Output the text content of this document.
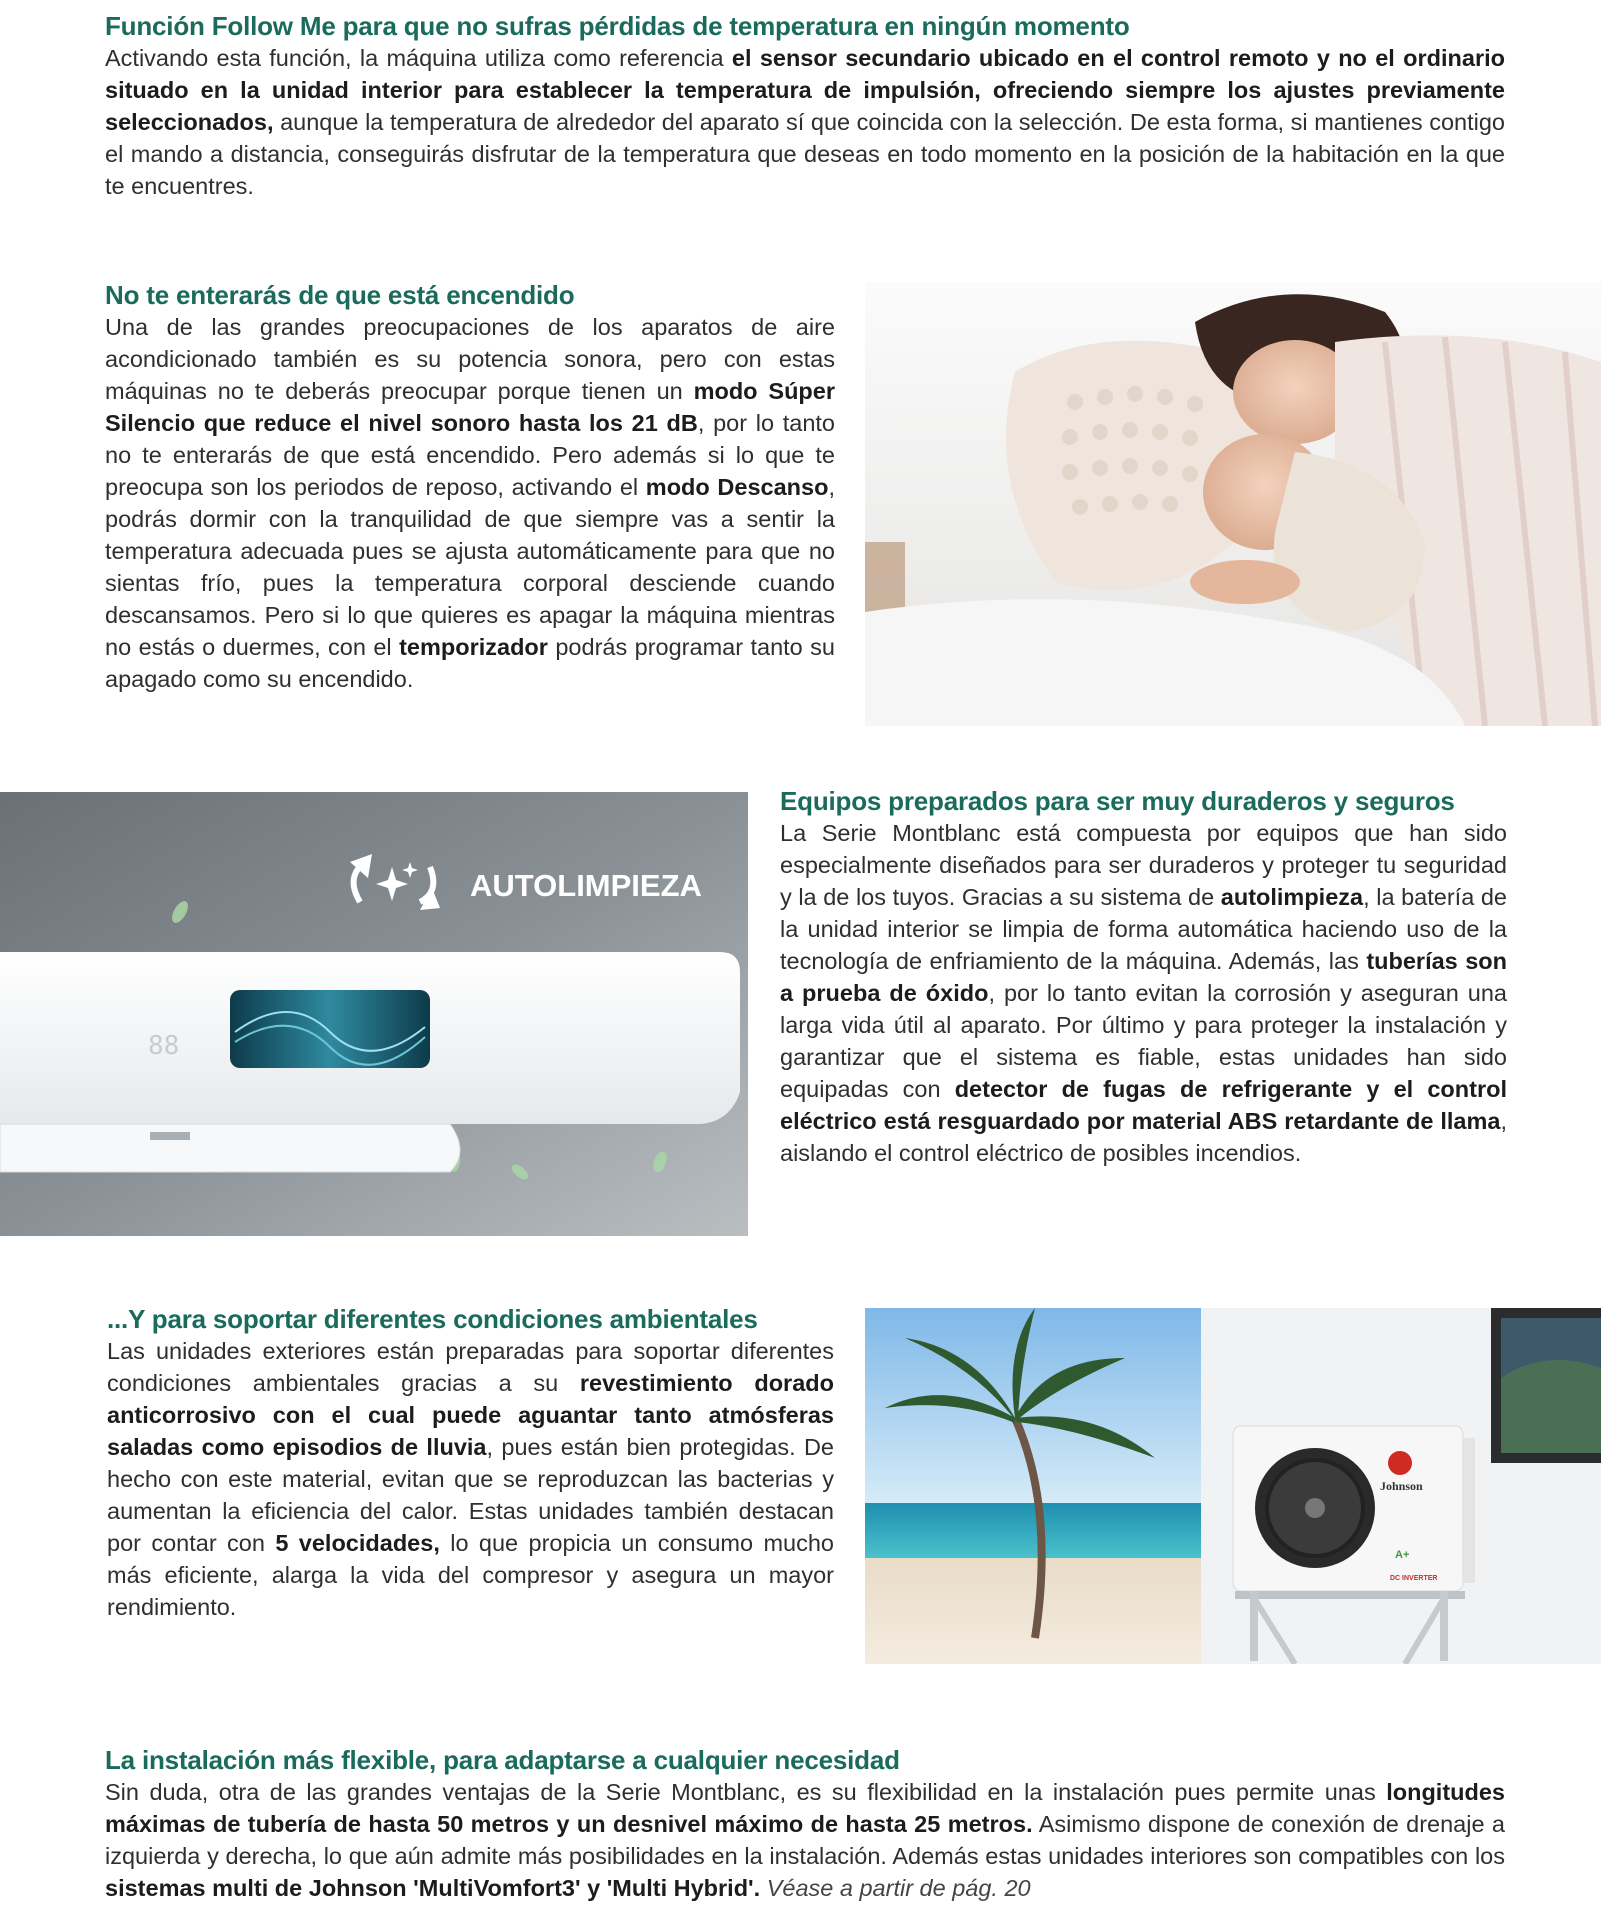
Función Follow Me para que no sufras pérdidas de temperatura en ningún momento

Activando esta función, la máquina utiliza como referencia el sensor secundario ubicado en el control remoto y no el ordinario situado en la unidad interior para establecer la temperatura de impulsión, ofreciendo siempre los ajustes previamente seleccionados, aunque la temperatura de alrededor del aparato sí que coincida con la selección. De esta forma, si mantienes contigo el mando a distancia, conseguirás disfrutar de la temperatura que deseas en todo momento en la posición de la habitación en la que te encuentres.

No te enterarás de que está encendido

Una de las grandes preocupaciones de los aparatos de aire acondicionado también es su potencia sonora, pero con estas máquinas no te deberás preocupar porque tienen un modo Súper Silencio que reduce el nivel sonoro hasta los 21 dB, por lo tanto no te enterarás de que está encendido. Pero además si lo que te preocupa son los periodos de reposo, activando el modo Descanso, podrás dormir con la tranquilidad de que siempre vas a sentir la temperatura adecuada pues se ajusta automáticamente para que no sientas frío, pues la temperatura corporal desciende cuando descansamos. Pero si lo que quieres es apagar la máquina mientras no estás o duermes, con el temporizador podrás programar tanto su apagado como su encendido.

AUTOLIMPIEZA
88
Equipos preparados para ser muy duraderos y seguros

La Serie Montblanc está compuesta por equipos que han sido especialmente diseñados para ser duraderos y proteger tu seguridad y la de los tuyos. Gracias a su sistema de autolimpieza, la batería de la unidad interior se limpia de forma automática haciendo uso de la tecnología de enfriamiento de la máquina. Además, las tuberías son a prueba de óxido, por lo tanto evitan la corrosión y aseguran una larga vida útil al aparato. Por último y para proteger la instalación y garantizar que el sistema es fiable, estas unidades han sido equipadas con detector de fugas de refrigerante y el control eléctrico está resguardado por material ABS retardante de llama, aislando el control eléctrico de posibles incendios.

...Y para soportar diferentes condiciones ambientales

Las unidades exteriores están preparadas para soportar diferentes condiciones ambientales gracias a su revestimiento dorado anticorrosivo con el cual puede aguantar tanto atmósferas saladas como episodios de lluvia, pues están bien protegidas. De hecho con este material, evitan que se reproduzcan las bacterias y aumentan la eficiencia del calor. Estas unidades también destacan por contar con 5 velocidades, lo que propicia un consumo mucho más eficiente, alarga la vida del compresor y asegura un mayor rendimiento.

Johnson
A+
DC INVERTER
La instalación más flexible, para adaptarse a cualquier necesidad

Sin duda, otra de las grandes ventajas de la Serie Montblanc, es su flexibilidad en la instalación pues permite unas longitudes máximas de tubería de hasta 50 metros y un desnivel máximo de hasta 25 metros. Asimismo dispone de conexión de drenaje a izquierda y derecha, lo que aún admite más posibilidades en la instalación. Además estas unidades interiores son compatibles con los sistemas multi de Johnson 'MultiVomfort3' y 'Multi Hybrid'. Véase a partir de pág. 20
